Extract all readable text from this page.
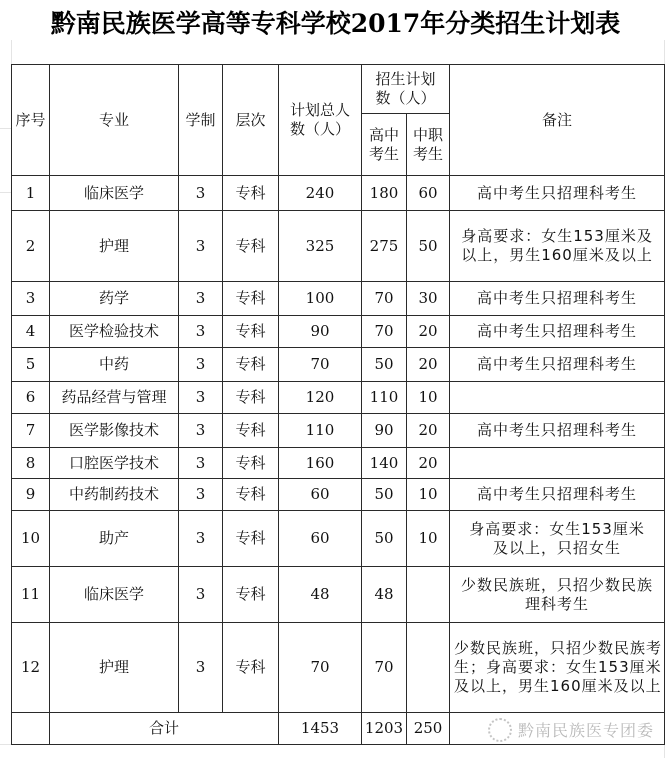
黔南民族医学高等专科学校2017年分类招生计划表
序号	专业	学制	层次	计划总人数（人）	招生计划数（人）		备注
					高中考生	中职考生	
1	临床医学	3	专科	240	180	60	高中考生只招理科考生
2	护理	3	专科	325	275	50	身高要求：女生153厘米及以上，男生160厘米及以上
3	药学	3	专科	100	70	30	高中考生只招理科考生
4	医学检验技术	3	专科	90	70	20	高中考生只招理科考生
5	中药	3	专科	70	50	20	高中考生只招理科考生
6	药品经营与管理	3	专科	120	110	10	
7	医学影像技术	3	专科	110	90	20	高中考生只招理科考生
8	口腔医学技术	3	专科	160	140	20	
9	中药制药技术	3	专科	60	50	10	高中考生只招理科考生
10	助产	3	专科	60	50	10	身高要求：女生153厘米及以上，只招女生
11	临床医学	3	专科	48	48		少数民族班，只招少数民族理科考生
12	护理	3	专科	70	70		少数民族班，只招少数民族考生；身高要求：女生153厘米及以上，男生160厘米及以上
	合计			1453	1203	250		黔南民族医专团委
